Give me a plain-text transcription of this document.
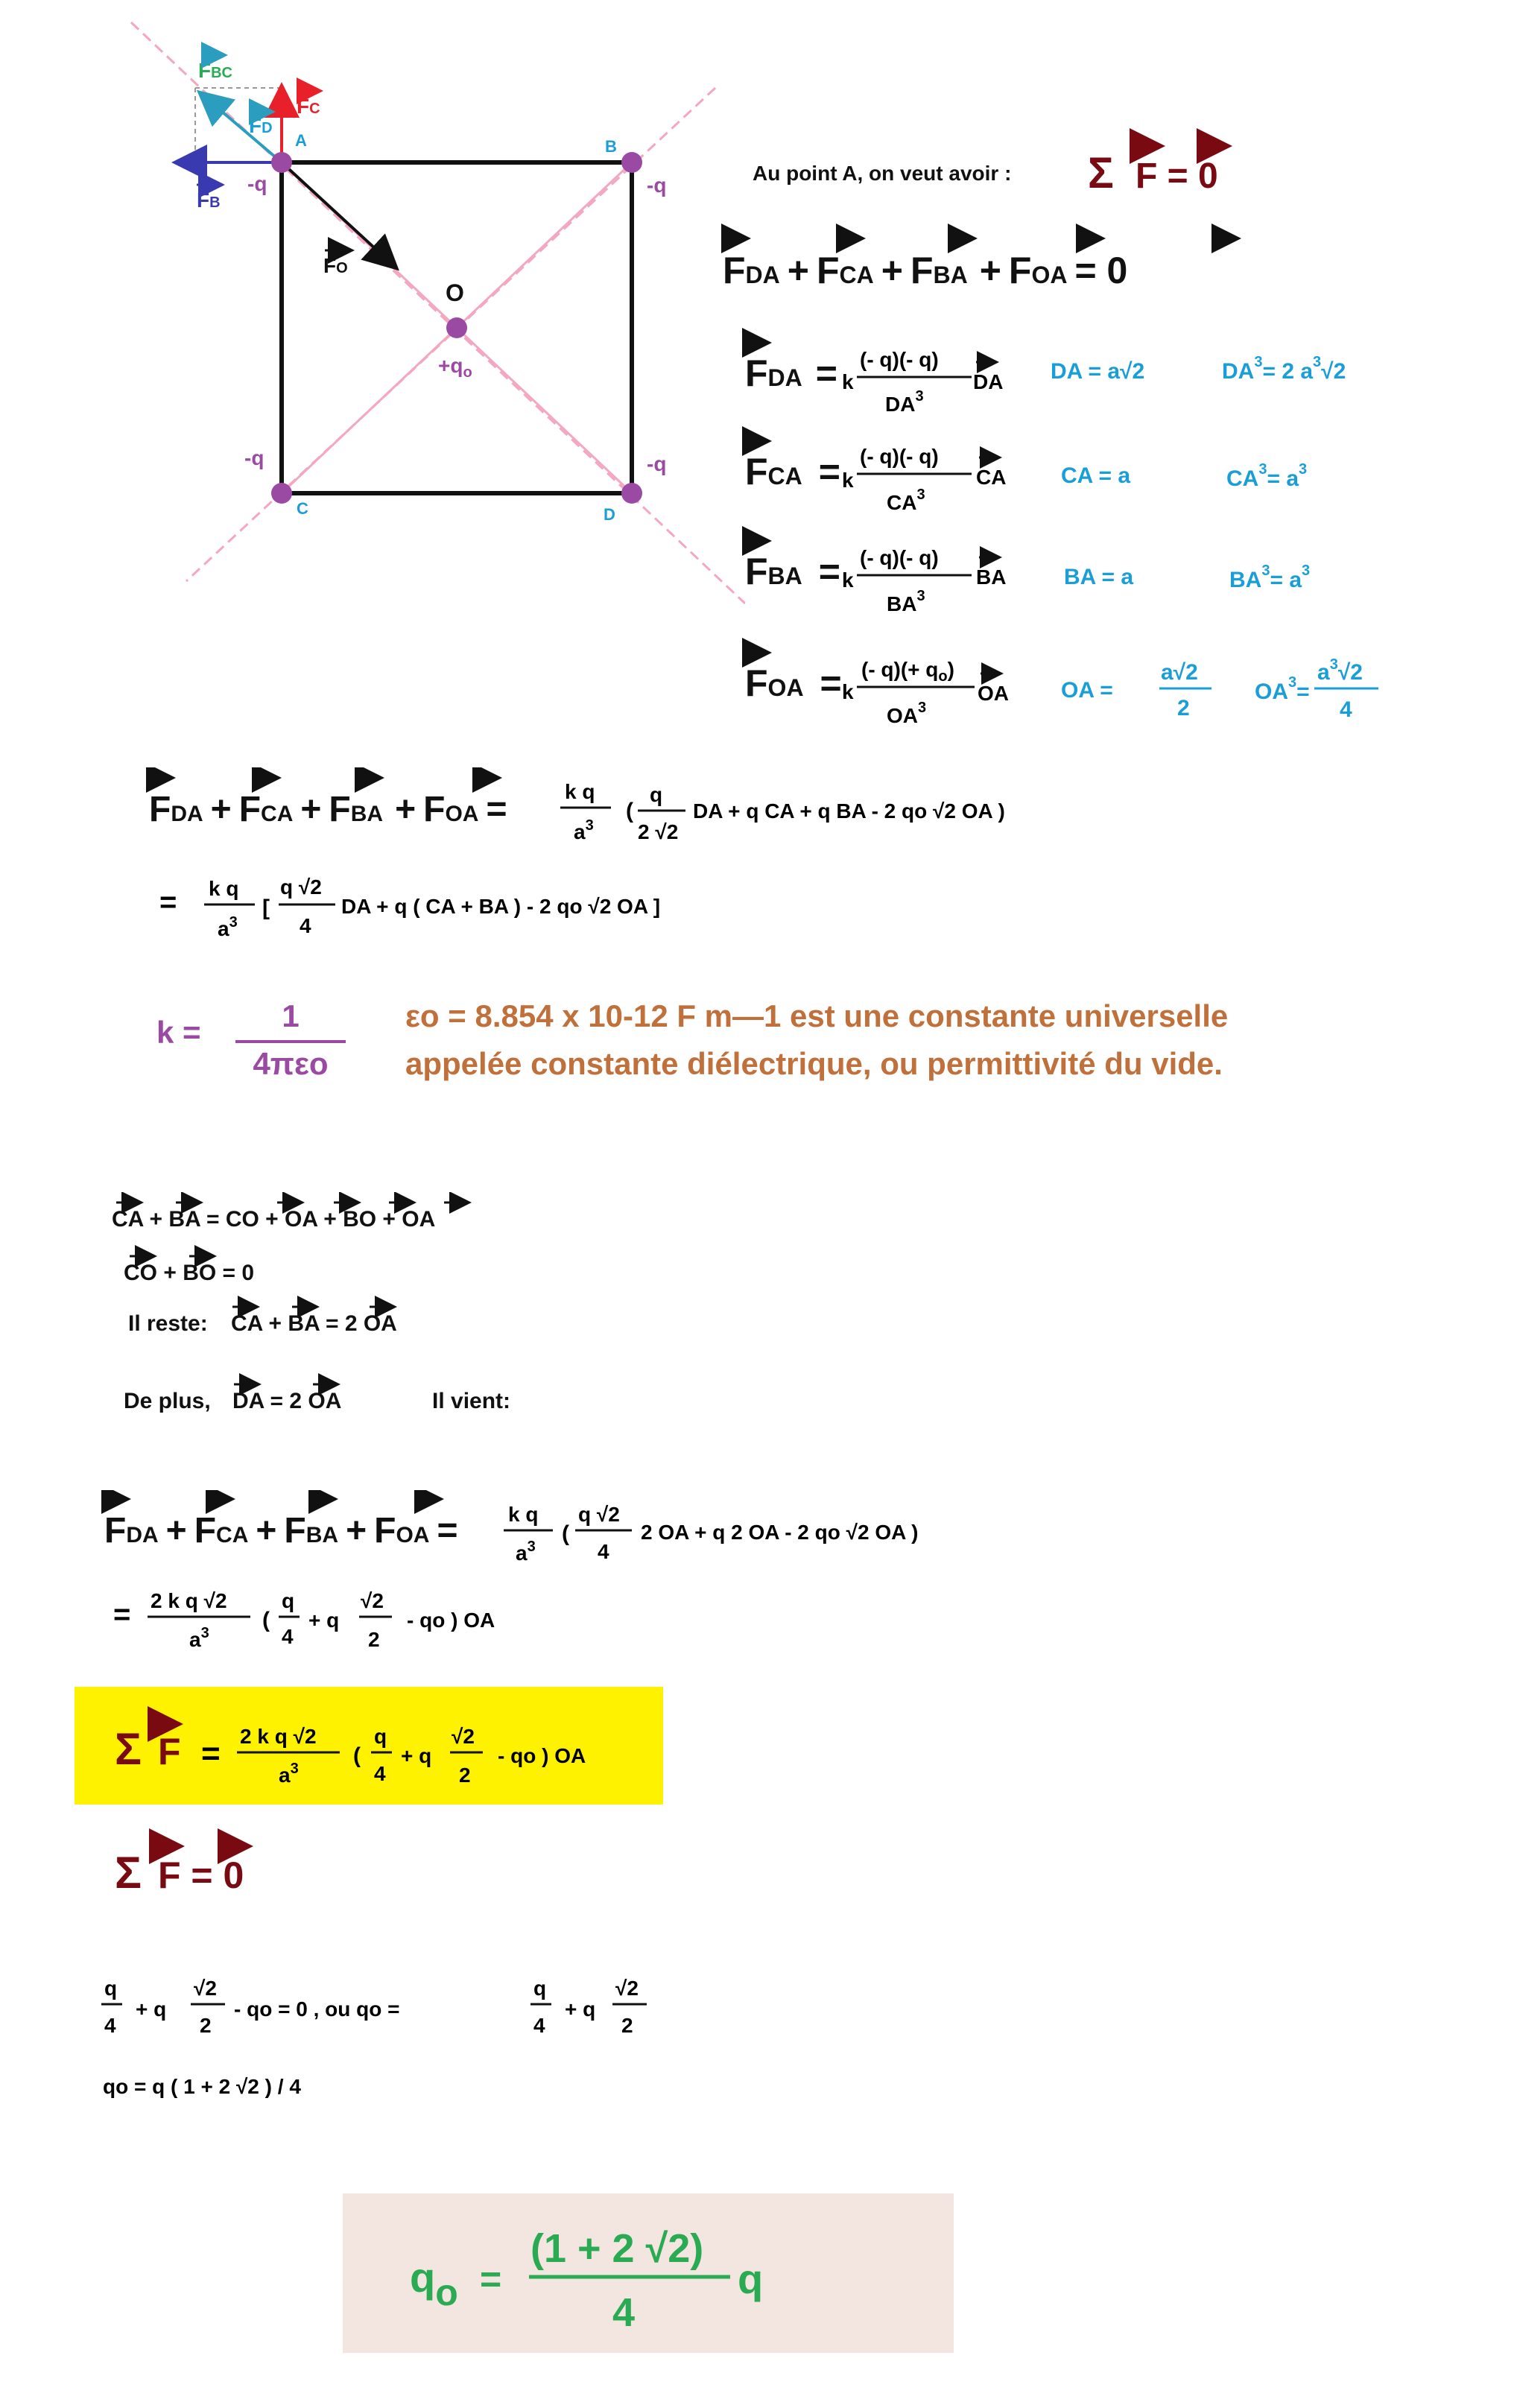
A	B
C	D
O
-q	-q
-q	-q
$+q_o$
FBC
FD
FC
FB
FO
Au point A, on veut avoir : Σ F = 0
FDA + FCA + FBA + FOA = 0
FDA = k
(- q)(- q)
$DA^3$
DA DA = a√2	$DA^3= 2$ $a^3√2$
FCA = k
(- q)(- q)
$CA^3$
CA CA = a	$CA^3= a^3$
FBA = k
(- q)(- q)
$BA^3$
BA	BA = a	$BA^3= a^3$
FOA = k
(- $q)(+ q_o)$
$OA^3$
OA OA =
a√2
2
$OA^3=$
$a^3√2$
4
FDA + FCA + FBA + FOA =	k q
$a^3$
(
q
2 √2
DA + q CA + q BA - 2 qo √2 OA )
= k q
$a^3$
[
q √2
4
DA + q ( CA + BA ) - 2 qo √2 OA ]
k =	1
4πεo
εo = 8.854 x 10-12 F m—1 est une constante universelle
appelée constante diélectrique, ou permittivité du vide.
CA + BA = CO + OA + BO + OA
CO + BO = 0
Il reste: CA + BA = 2 OA
De plus, DA = 2 OA	Il vient:
FDA + FCA + FBA + FOA = k q
$a^3$
(
q √2
4
2 OA + q 2 OA - 2 qo √2 OA )
= 2 k q √2
$a^3$
(
q
4
+ q
√2
2
- qo ) OA
Σ F = 2 k q √2
$a^3$
(
q
4
+ q
√2
2
- qo ) OA
Σ F = 0
q
4
+ q
√2
2
- qo = 0 , ou qo =
q
4
+ q
√2
2
qo = q ( 1 + 2 √2 ) / 4
qo =
(1 + 2 √2)
4
q
